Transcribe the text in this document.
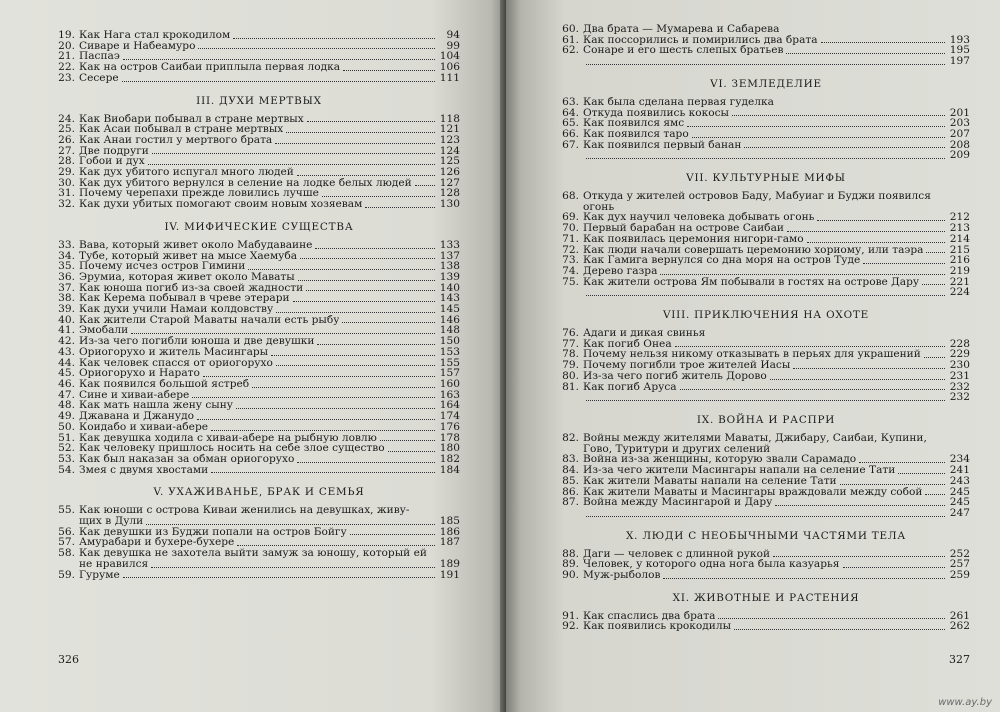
19. Как Нага стал крокодилом	94
20. Сиваре и Набеамуро	99
21. Паспаэ	104
22. Как на остров Саибаи приплыла первая лодка	106
23. Сесере	111
III. ДУХИ МЕРТВЫХ
24. Как Виобари побывал в стране мертвых	118
25. Как Асаи побывал в стране мертвых	121
26. Как Анаи гостил у мертвого брата	123
27. Две подруги	124
28. Гобои и дух	125
29. Как дух убитого испугал много людей	126
30. Как дух убитого вернулся в селение на лодке белых людей	127
31. Почему черепахи прежде ловились лучше	128
32. Как духи убитых помогают своим новым хозяевам	130
IV. МИФИЧЕСКИЕ СУЩЕСТВА
33. Вава, который живет около Мабудаваине	133
34. Тубе, который живет на мысе Хаемуба	137
35. Почему исчез остров Гимини	138
36. Эрумиа, которая живет около Маваты	139
37. Как юноша погиб из-за своей жадности	140
38. Как Керема побывал в чреве этерари	143
39. Как духи учили Намаи колдовству	145
40. Как жители Старой Маваты начали есть рыбу	146
41. Эмобали	148
42. Из-за чего погибли юноша и две девушки	150
43. Ориогорухо и житель Масингары	153
44. Как человек спасся от ориогорухо	155
45. Ориогорухо и Нарато	157
46. Как появился большой ястреб	160
47. Сине и хиваи-абере	163
48. Как мать нашла жену сыну	164
49. Джавана и Джанудо	174
50. Коидабо и хиваи-абере	176
51. Как девушка ходила с хиваи-абере на рыбную ловлю	178
52. Как человеку пришлось носить на себе злое существо	180
53. Как был наказан за обман ориогорухо	182
54. Змея с двумя хвостами	184
V. УХАЖИВАНЬЕ, БРАК И СЕМЬЯ
55. Как юноши с острова Киваи женились на девушках, живу-
щих в Дули	185
56. Как девушки из Буджи попали на остров Бойгу	186
57. Амурабари и бухере-бухере	187
58. Как девушка не захотела выйти замуж за юношу, который ей
не нравился	189
59. Гуруме	191
326
60. Два брата — Мумарева и Сабарева
61. Как поссорились и помирились два брата	193
62. Сонаре и его шесть слепых братьев	195
197
VI. ЗЕМЛЕДЕЛИЕ
63. Как была сделана первая гуделка
64. Откуда появились кокосы	201
65. Как появился ямс	203
66. Как появился таро	207
67. Как появился первый банан	208
209
VII. КУЛЬТУРНЫЕ МИФЫ
68. Откуда у жителей островов Баду, Мабуиаг и Буджи появился
огонь
69. Как дух научил человека добывать огонь	212
70. Первый барабан на острове Саибаи	213
71. Как появилась церемония нигори-гамо	214
72. Как люди начали совершать церемонию хориому, или таэра 215
73. Как Гамига вернулся со дна моря на остров Туде	216
74. Дерево газра	219
75. Как жители острова Ям побывали в гостях на острове Дару	221
224
VIII. ПРИКЛЮЧЕНИЯ НА ОХОТЕ
76. Адаги и дикая свинья
77. Как погиб Онеа	228
78. Почему нельзя никому отказывать в перьях для украшений	229
79. Почему погибли трое жителей Иасы	230
80. Из-за чего погиб житель Дорово	231
81. Как погиб Аруса	232
232
IX. ВОЙНА И РАСПРИ
82. Войны между жителями Маваты, Джибару, Саибаи, Купини,
Гово, Туритури и других селений
83. Война из-за женщины, которую звали Сарамадо	234
84. Из-за чего жители Масингары напали на селение Тати	241
85. Как жители Маваты напали на селение Тати	243
86. Как жители Маваты и Масингары враждовали между собой	245
87. Война между Масингарой и Дару	245
247
X. ЛЮДИ С НЕОБЫЧНЫМИ ЧАСТЯМИ ТЕЛА
88. Даги — человек с длинной рукой	252
89. Человек, у которого одна нога была казуарья	257
90. Муж-рыболов	259
XI. ЖИВОТНЫЕ И РАСТЕНИЯ
91. Как спаслись два брата	261
92. Как появились крокодилы	262
327
www.ay.by
